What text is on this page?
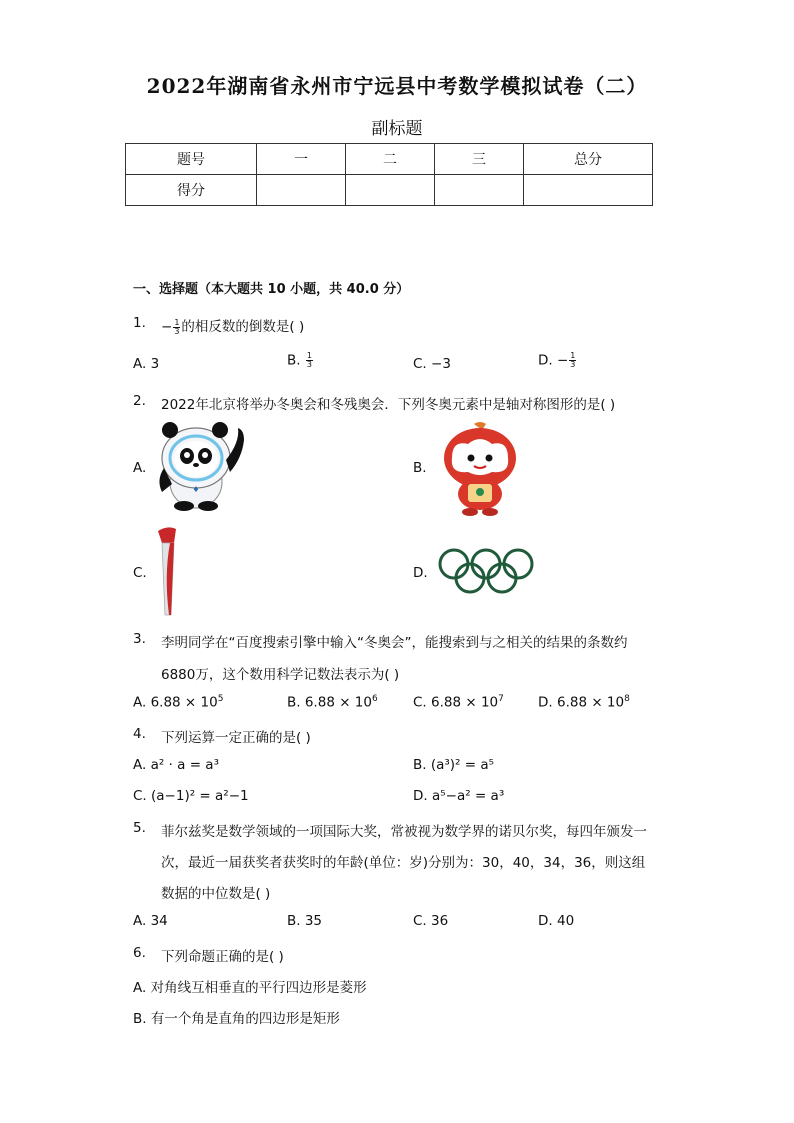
2022年湖南省永州市宁远县中考数学模拟试卷（二）
副标题
题号	一	二	三	总分
得分				
一、选择题（本大题共 10 小题，共 40.0 分）
1. − $\frac{1}{3}$ 的相反数的倒数是( )
A. 3	B. $\frac{1}{3}$	C. −3	D. − $\frac{1}{3}$
2. 2022年北京将举办冬奥会和冬残奥会．下列冬奥元素中是轴对称图形的是( )
A.	B.
C.	D.
♦
3. 李明同学在“百度搜索引擎中输入“冬奥会”，能搜索到与之相关的结果的条数约
6880万，这个数用科学记数法表示为( )
A. $6.88 \times 10^5$	B. $6.88 \times 10^6$	C. $6.88 \times 10^7$	D. $6.88 \times 10^8$
4. 下列运算一定正确的是( )
A. a² · a = a³	B. (a³)² = a⁵
C. (a−1)² = a²−1	D. a⁵−a² = a³
5. 菲尔兹奖是数学领域的一项国际大奖，常被视为数学界的诺贝尔奖，每四年颁发一
次，最近一届获奖者获奖时的年龄(单位：岁)分别为：30，40，34，36，则这组
数据的中位数是( )
A. 34	B. 35	C. 36	D. 40
6. 下列命题正确的是( )
A. 对角线互相垂直的平行四边形是菱形
B. 有一个角是直角的四边形是矩形
